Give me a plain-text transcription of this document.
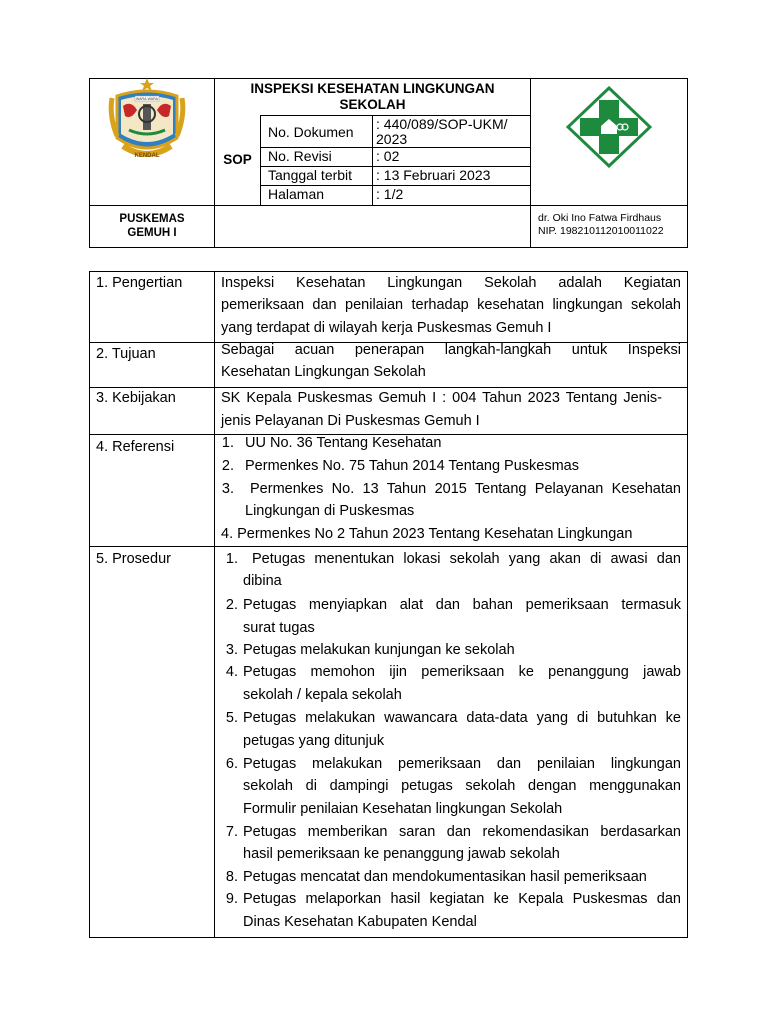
WARA-WARA
KENDAL
INSPEKSI KESEHATAN LINGKUNGAN
SEKOLAH
SOP
No. Dokumen : 440/089/SOP-UKM/
2023
No. Revisi	: 02
Tanggal terbit : 13 Februari 2023
Halaman	: 1/2
PUSKEMAS
GEMUH I
dr. Oki Ino Fatwa Firdhaus
NIP. 198210112010011022
1. Pengertian	Inspeksi Kesehatan Lingkungan Sekolah adalah Kegiatan
pemeriksaan dan penilaian terhadap kesehatan lingkungan sekolah
yang terdapat di wilayah kerja Puskesmas Gemuh I
2. Tujuan	Sebagai acuan penerapan langkah-langkah untuk Inspeksi
Kesehatan Lingkungan Sekolah
3. Kebijakan	SK Kepala Puskesmas Gemuh I : 004 Tahun 2023 Tentang Jenis-
jenis Pelayanan Di Puskesmas Gemuh I
4. Referensi	1. UU No. 36 Tentang Kesehatan
2. Permenkes No. 75 Tahun 2014 Tentang Puskesmas
3. Permenkes No. 13 Tahun 2015 Tentang Pelayanan Kesehatan
Lingkungan di Puskesmas
4. Permenkes No 2 Tahun 2023 Tentang Kesehatan Lingkungan
5. Prosedur	1. Petugas menentukan lokasi sekolah yang akan di awasi dan
dibina
2. Petugas menyiapkan alat dan bahan pemeriksaan termasuk
surat tugas
3. Petugas melakukan kunjungan ke sekolah
4. Petugas memohon ijin pemeriksaan ke penanggung jawab
sekolah / kepala sekolah
5. Petugas melakukan wawancara data-data yang di butuhkan ke
petugas yang ditunjuk
6. Petugas melakukan pemeriksaan dan penilaian lingkungan
sekolah di dampingi petugas sekolah dengan menggunakan
Formulir penilaian Kesehatan lingkungan Sekolah
7. Petugas memberikan saran dan rekomendasikan berdasarkan
hasil pemeriksaan ke penanggung jawab sekolah
8. Petugas mencatat dan mendokumentasikan hasil pemeriksaan
9. Petugas melaporkan hasil kegiatan ke Kepala Puskesmas dan
Dinas Kesehatan Kabupaten Kendal
